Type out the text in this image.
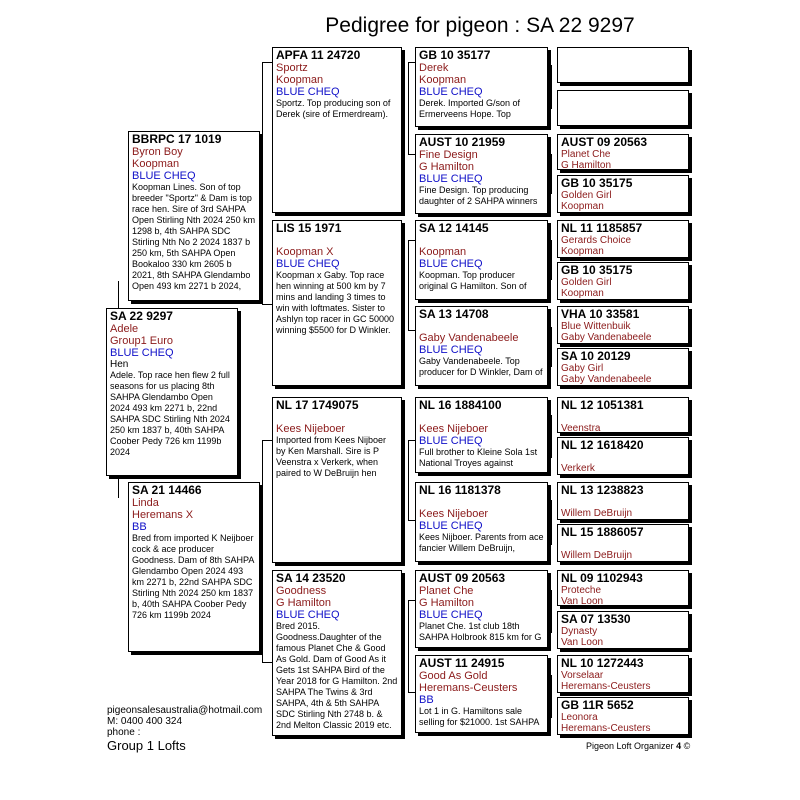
Pedigree for pigeon : SA 22 9297
SA 22 9297
Adele
Group1 Euro
BLUE CHEQ
Hen
Adele. Top race hen flew 2 full seasons for us placing 8th SAHPA Glendambo Open 2024 493 km 2271 b, 22nd SAHPA SDC Stirling Nth 2024 250 km 1837 b, 40th SAHPA Coober Pedy 726 km 1199b 2024
BBRPC 17 1019
Byron Boy
Koopman
BLUE CHEQ
Koopman Lines. Son of top breeder "Sportz" & Dam is top race hen. Sire of 3rd SAHPA Open Stirling Nth 2024 250 km 1298 b, 4th SAHPA SDC Stirling Nth No 2 2024 1837 b 250 km, 5th SAHPA Open Bookaloo 330 km 2605 b 2021, 8th SAHPA Glendambo Open 493 km 2271 b 2024,
SA 21 14466
Linda
Heremans X
BB
Bred from imported K Neijboer cock & ace producer Goodness. Dam of 8th SAHPA Glendambo Open 2024 493 km 2271 b, 22nd SAHPA SDC Stirling Nth 2024 250 km 1837 b, 40th SAHPA Coober Pedy 726 km 1199b 2024
APFA 11 24720
Sportz
Koopman
BLUE CHEQ
Sportz. Top producing son of Derek (sire of Ermerdream).
LIS 15 1971
Koopman X
BLUE CHEQ
Koopman x Gaby. Top race hen winning at 500 km by 7 mins and landing 3 times to win with loftmates. Sister to Ashlyn top racer in GC 50000 winning $5500 for D Winkler.
NL 17 1749075
Kees Nijeboer
Imported from Kees Nijboer by Ken Marshall. Sire is P Veenstra x Verkerk, when paired to W DeBruijn hen
SA 14 23520
Goodness
G Hamilton
BLUE CHEQ
Bred 2015. Goodness.Daughter of the famous Planet Che & Good As Gold. Dam of Good As it Gets 1st SAHPA Bird of the Year 2018 for G Hamilton. 2nd SAHPA The Twins & 3rd SAHPA, 4th & 5th SAHPA SDC Stirling Nth 2748 b. & 2nd Melton Classic 2019 etc.
GB 10 35177
Derek
Koopman
BLUE CHEQ
Derek. Imported G/son of Ermerveens Hope. Top
AUST 10 21959
Fine Design
G Hamilton
BLUE CHEQ
Fine Design. Top producing daughter of 2 SAHPA winners
SA 12 14145
Koopman
BLUE CHEQ
Koopman. Top producer original G Hamilton. Son of
SA 13 14708
Gaby Vandenabeele
BLUE CHEQ
Gaby Vandenabeele. Top producer for D Winkler, Dam of
NL 16 1884100
Kees Nijeboer
BLUE CHEQ
Full brother to Kleine Sola 1st National Troyes against
NL 16 1181378
Kees Nijeboer
BLUE CHEQ
Kees Nijboer. Parents from ace fancier Willem DeBruijn,
AUST 09 20563
Planet Che
G Hamilton
BLUE CHEQ
Planet Che. 1st club 18th SAHPA Holbrook 815 km for G
AUST 11 24915
Good As Gold
Heremans-Ceusters
BB
Lot 1 in G. Hamiltons sale selling for $21000. 1st SAHPA
AUST 09 20563
Planet Che
G Hamilton
GB 10 35175
Golden Girl
Koopman
NL 11 1185857
Gerards Choice
Koopman
GB 10 35175
Golden Girl
Koopman
VHA 10 33581
Blue Wittenbuik
Gaby Vandenabeele
SA 10 20129
Gaby Girl
Gaby Vandenabeele
NL 12 1051381
Veenstra
NL 12 1618420
Verkerk
NL 13 1238823
Willem DeBruijn
NL 15 1886057
Willem DeBruijn
NL 09 1102943
Proteche
Van Loon
SA 07 13530
Dynasty
Van Loon
NL 10 1272443
Vorselaar
Heremans-Ceusters
GB 11R 5652
Leonora
Heremans-Ceusters
pigeonsalesaustralia@hotmail.com
M: 0400 400 324
phone :
Group 1 Lofts	Pigeon Loft Organizer 4 ©
